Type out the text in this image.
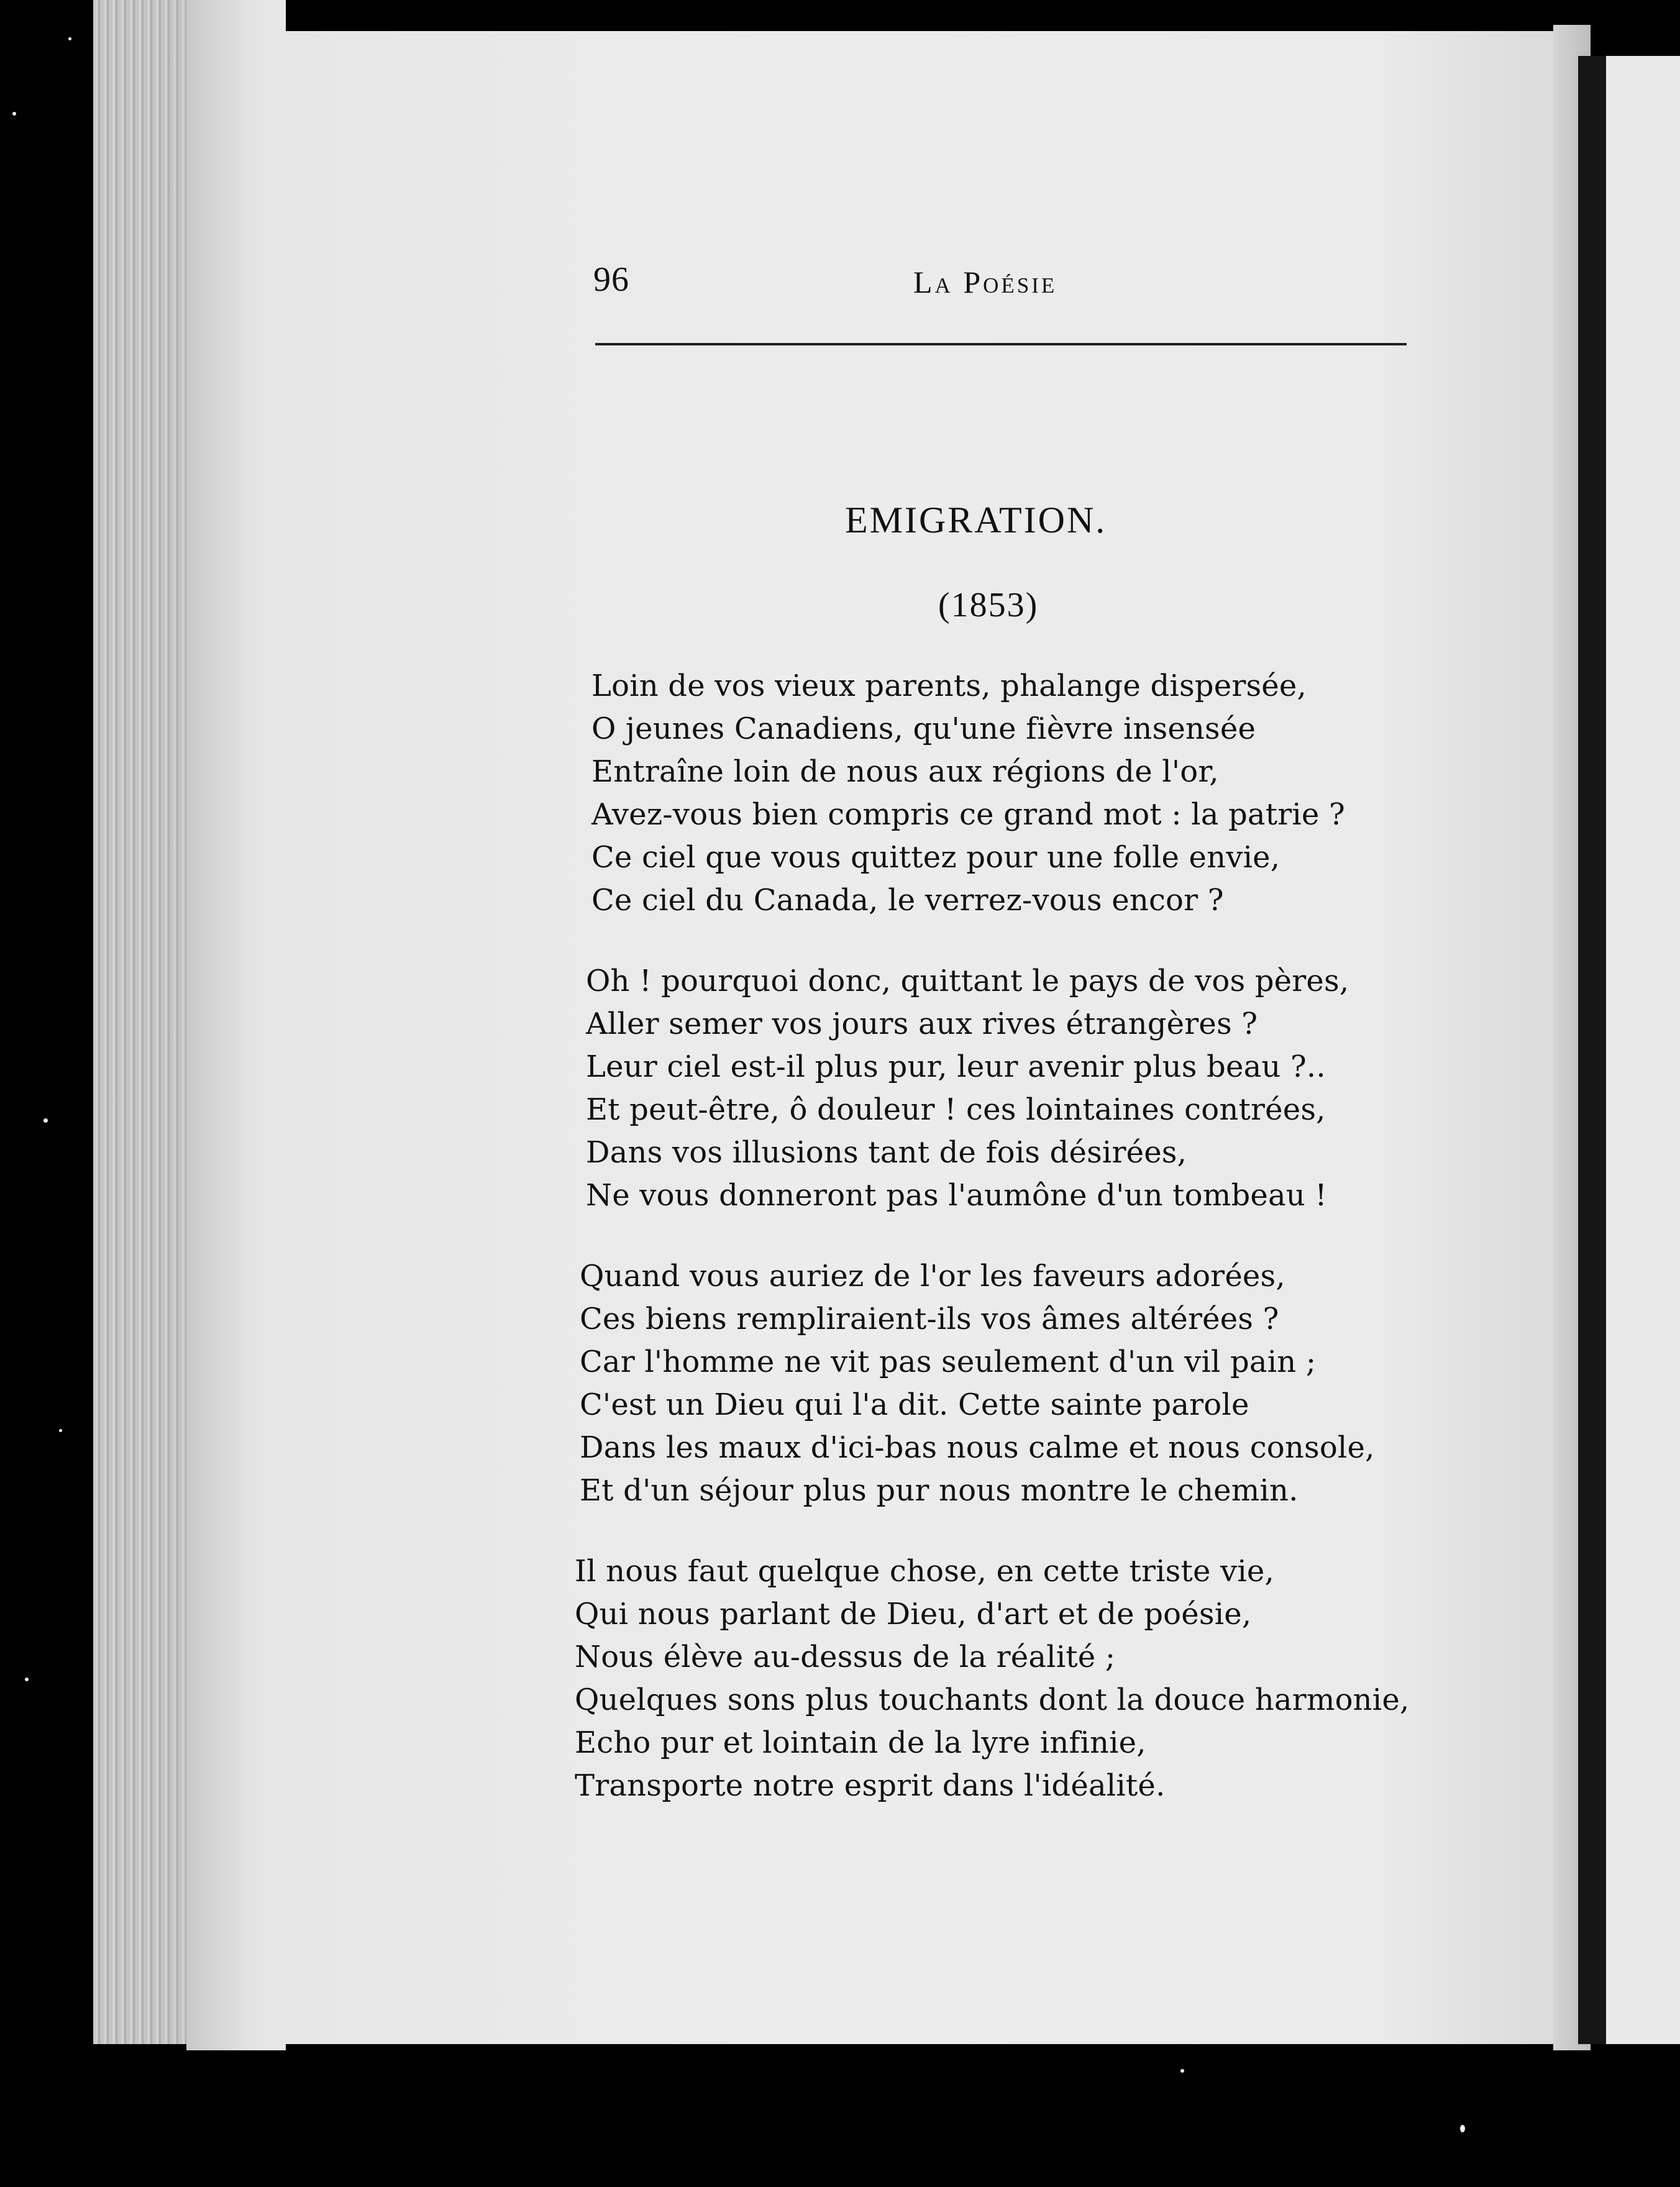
96	La Poésie
EMIGRATION.
(1853)
Loin de vos vieux parents, phalange dispersée,
O jeunes Canadiens, qu'une fièvre insensée
Entraîne loin de nous aux régions de l'or,
Avez-vous bien compris ce grand mot : la patrie ?
Ce ciel que vous quittez pour une folle envie,
Ce ciel du Canada, le verrez-vous encor ?
Oh ! pourquoi donc, quittant le pays de vos pères,
Aller semer vos jours aux rives étrangères ?
Leur ciel est-il plus pur, leur avenir plus beau ?..
Et peut-être, ô douleur ! ces lointaines contrées,
Dans vos illusions tant de fois désirées,
Ne vous donneront pas l'aumône d'un tombeau !
Quand vous auriez de l'or les faveurs adorées,
Ces biens rempliraient-ils vos âmes altérées ?
Car l'homme ne vit pas seulement d'un vil pain ;
C'est un Dieu qui l'a dit. Cette sainte parole
Dans les maux d'ici-bas nous calme et nous console,
Et d'un séjour plus pur nous montre le chemin.
Il nous faut quelque chose, en cette triste vie,
Qui nous parlant de Dieu, d'art et de poésie,
Nous élève au-dessus de la réalité ;
Quelques sons plus touchants dont la douce harmonie,
Echo pur et lointain de la lyre infinie,
Transporte notre esprit dans l'idéalité.
